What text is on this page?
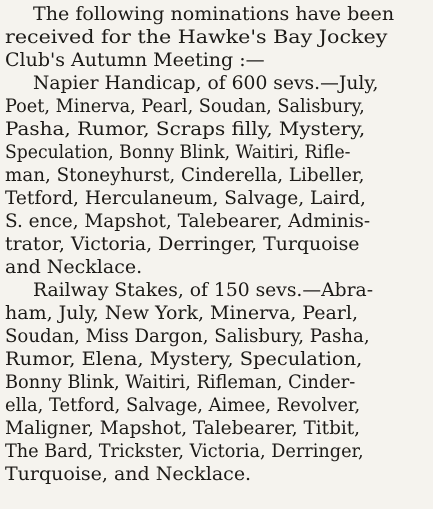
The following nominations have been
received for the Hawke's Bay Jockey
Club's Autumn Meeting :—
Napier Handicap, of 600 sevs.—July,
Poet, Minerva, Pearl, Soudan, Salisbury,
Pasha, Rumor, Scraps filly, Mystery,
Speculation, Bonny Blink, Waitiri, Rifle-
man, Stoneyhurst, Cinderella, Libeller,
Tetford, Herculaneum, Salvage, Laird,
S. ence, Mapshot, Talebearer, Adminis-
trator, Victoria, Derringer, Turquoise
and Necklace.
Railway Stakes, of 150 sevs.—Abra-
ham, July, New York, Minerva, Pearl,
Soudan, Miss Dargon, Salisbury, Pasha,
Rumor, Elena, Mystery, Speculation,
Bonny Blink, Waitiri, Rifleman, Cinder-
ella, Tetford, Salvage, Aimee, Revolver,
Maligner, Mapshot, Talebearer, Titbit,
The Bard, Trickster, Victoria, Derringer,
Turquoise, and Necklace.
